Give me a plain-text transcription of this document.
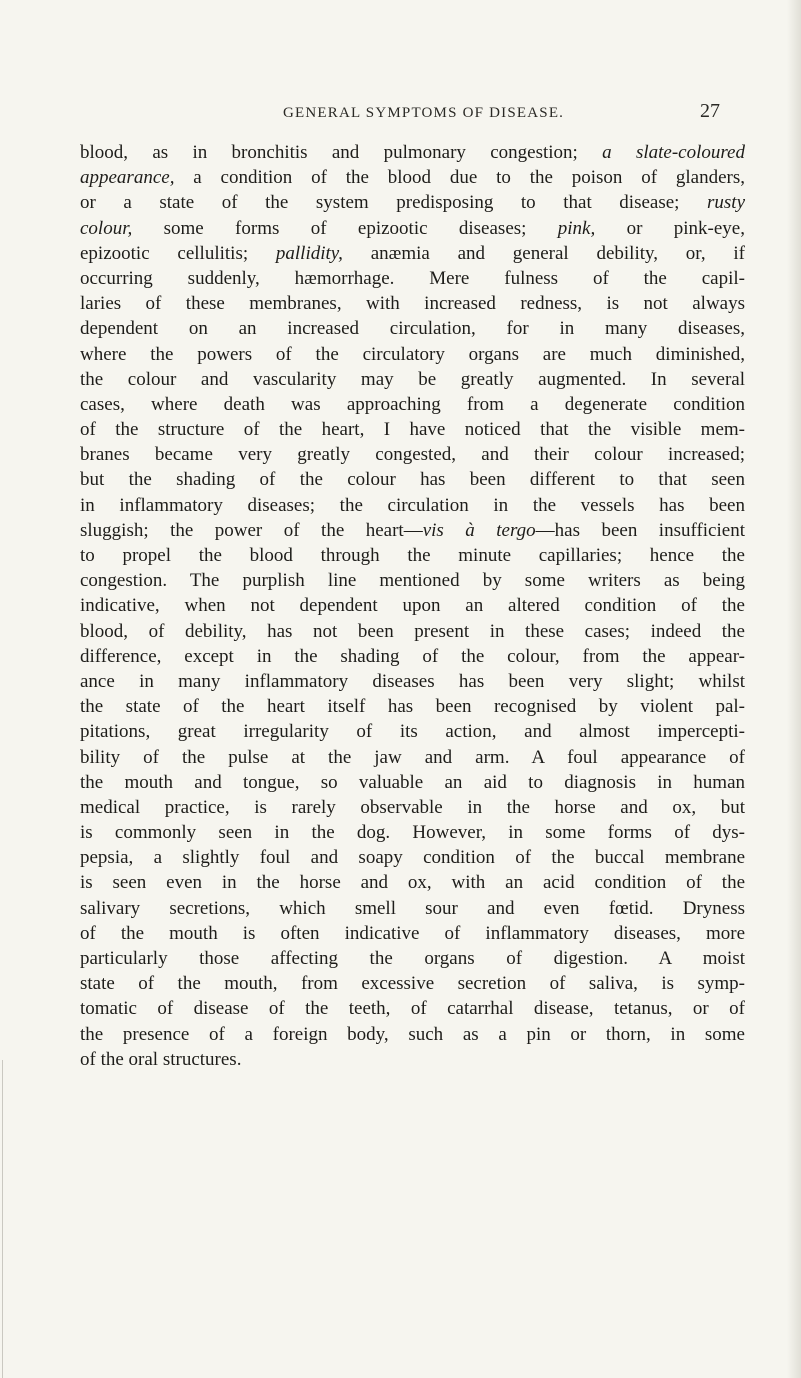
GENERAL SYMPTOMS OF DISEASE.	27
blood, as in bronchitis and pulmonary congestion; a slate-coloured
appearance, a condition of the blood due to the poison of glanders,
or a state of the system predisposing to that disease; rusty
colour, some forms of epizootic diseases; pink, or pink-eye,
epizootic cellulitis; pallidity, anæmia and general debility, or, if
occurring suddenly, hæmorrhage. Mere fulness of the capil-
laries of these membranes, with increased redness, is not always
dependent on an increased circulation, for in many diseases,
where the powers of the circulatory organs are much diminished,
the colour and vascularity may be greatly augmented. In several
cases, where death was approaching from a degenerate condition
of the structure of the heart, I have noticed that the visible mem-
branes became very greatly congested, and their colour increased;
but the shading of the colour has been different to that seen
in inflammatory diseases; the circulation in the vessels has been
sluggish; the power of the heart—vis à tergo—has been insufficient
to propel the blood through the minute capillaries; hence the
congestion. The purplish line mentioned by some writers as being
indicative, when not dependent upon an altered condition of the
blood, of debility, has not been present in these cases; indeed the
difference, except in the shading of the colour, from the appear-
ance in many inflammatory diseases has been very slight; whilst
the state of the heart itself has been recognised by violent pal-
pitations, great irregularity of its action, and almost impercepti-
bility of the pulse at the jaw and arm. A foul appearance of
the mouth and tongue, so valuable an aid to diagnosis in human
medical practice, is rarely observable in the horse and ox, but
is commonly seen in the dog. However, in some forms of dys-
pepsia, a slightly foul and soapy condition of the buccal membrane
is seen even in the horse and ox, with an acid condition of the
salivary secretions, which smell sour and even fœtid. Dryness
of the mouth is often indicative of inflammatory diseases, more
particularly those affecting the organs of digestion. A moist
state of the mouth, from excessive secretion of saliva, is symp-
tomatic of disease of the teeth, of catarrhal disease, tetanus, or of
the presence of a foreign body, such as a pin or thorn, in some
of the oral structures.
